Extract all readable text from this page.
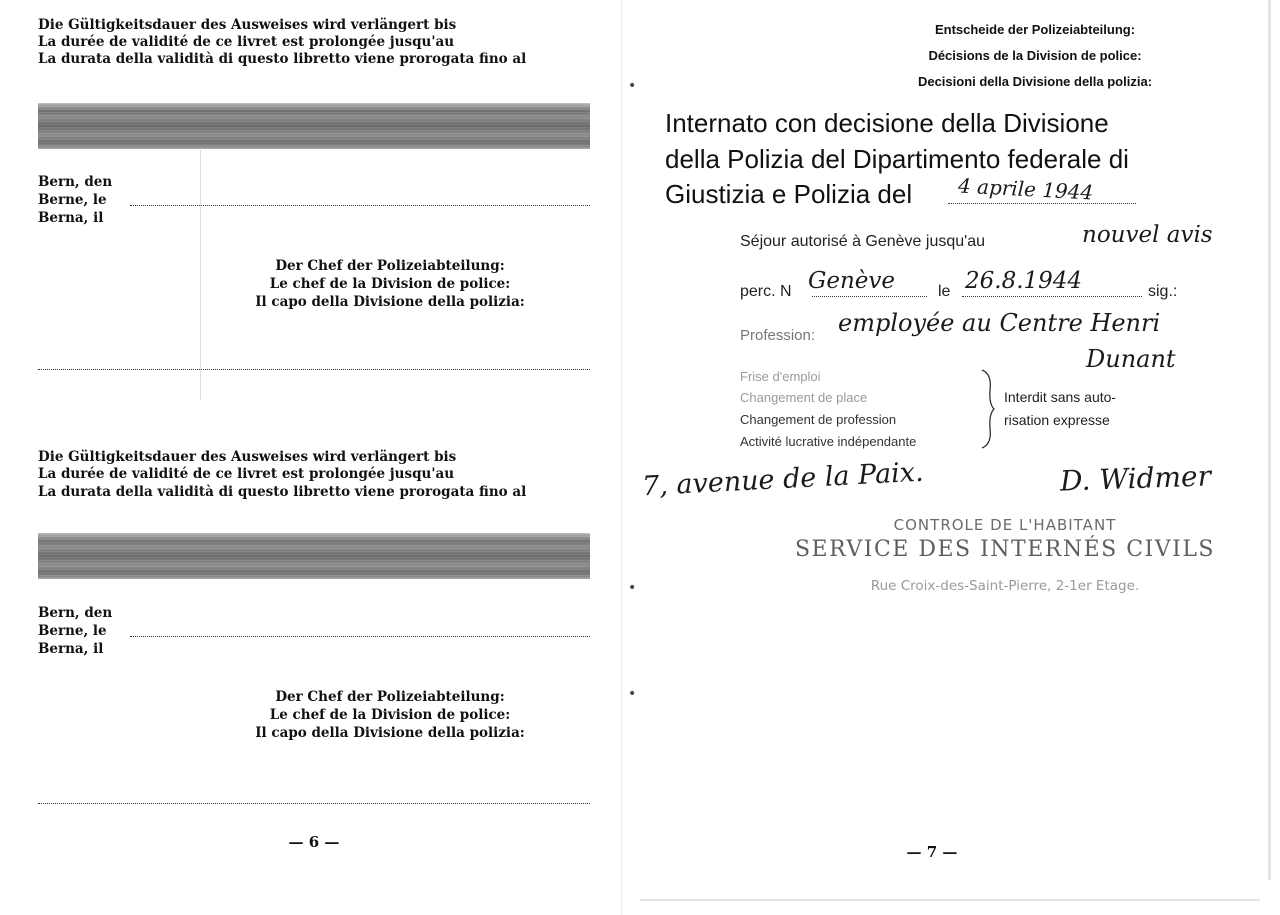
Die Gültigkeitsdauer des Ausweises wird verlängert bis
La durée de validité de ce livret est prolongée jusqu'au
La durata della validità di questo libretto viene prorogata fino al
Bern, den
Berne, le
Berna, il
Der Chef der Polizeiabteilung:
Le chef de la Division de police:
Il capo della Divisione della polizia:
Die Gültigkeitsdauer des Ausweises wird verlängert bis
La durée de validité de ce livret est prolongée jusqu'au
La durata della validità di questo libretto viene prorogata fino al
Bern, den
Berne, le
Berna, il
Der Chef der Polizeiabteilung:
Le chef de la Division de police:
Il capo della Divisione della polizia:
— 6 —
•
•
•
Entscheide der Polizeiabteilung:
Décisions de la Division de police:
Decisioni della Divisione della polizia:
Internato con decisione della Divisione
della Polizia del Dipartimento federale di
Giustizia e Polizia del 4 aprile 1944
Séjour autorisé à Genève jusqu'au	nouvel avis
perc. N Genève	le 26.8.1944	sig.:
Profession: employée au Centre Henri
Dunant
Frise d'emploi
Changement de place
Changement de profession
Activité lucrative indépendante
Interdit sans auto-
risation expresse
7, avenue de la Paix.	D. Widmer
CONTROLE DE L'HABITANT
SERVICE DES INTERNÉS CIVILS
Rue Croix-des-Saint-Pierre, 2-1er Etage.
— 7 —
